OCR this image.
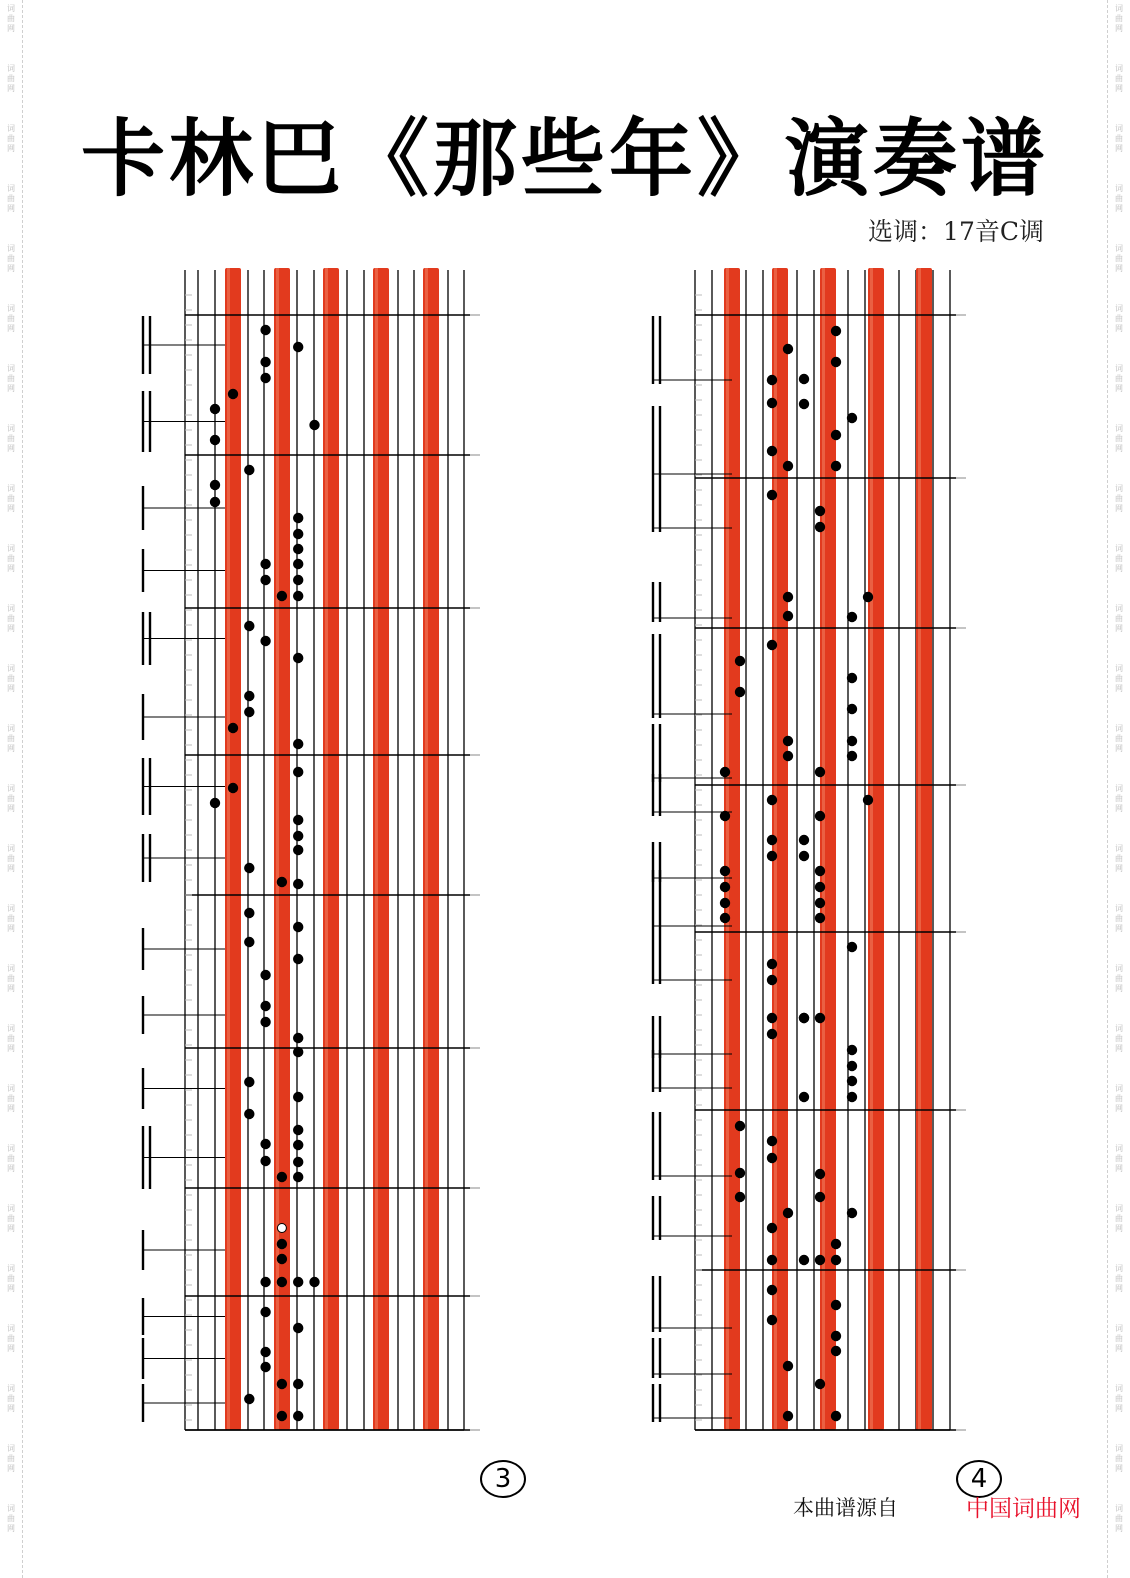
词
曲
网
词
曲
网
词
曲
网
词
曲
网
词
曲
网
词
曲
网
词
曲
网
词
曲
网
词
曲
网
词
曲
网
词
曲
网
词
曲
网
词
曲
网
词
曲
网
词
曲
网
词
曲
网
词
曲
网
词
曲
网
词
曲
网
词
曲
网
词
曲
网
词
曲
网
词
曲
网
词
曲
网
词
曲
网
词
曲
网
词
曲
网
词
曲
网
词
曲
网
词
曲
网
词
曲
网
词
曲
网
词
曲
网
词
曲
网
词
曲
网
词
曲
网
词
曲
网
词
曲
网
词
曲
网
词
曲
网
词
曲
网
词
曲
网
词
曲
网
词
曲
网
词
曲
网
词
曲
网
词
曲
网
词
曲
网
词
曲
网
词
曲
网
词
曲
网
词
曲
网
卡林巴《那些年》演奏谱
选调：17音C调
3	4
本曲谱源自	中国词曲网
